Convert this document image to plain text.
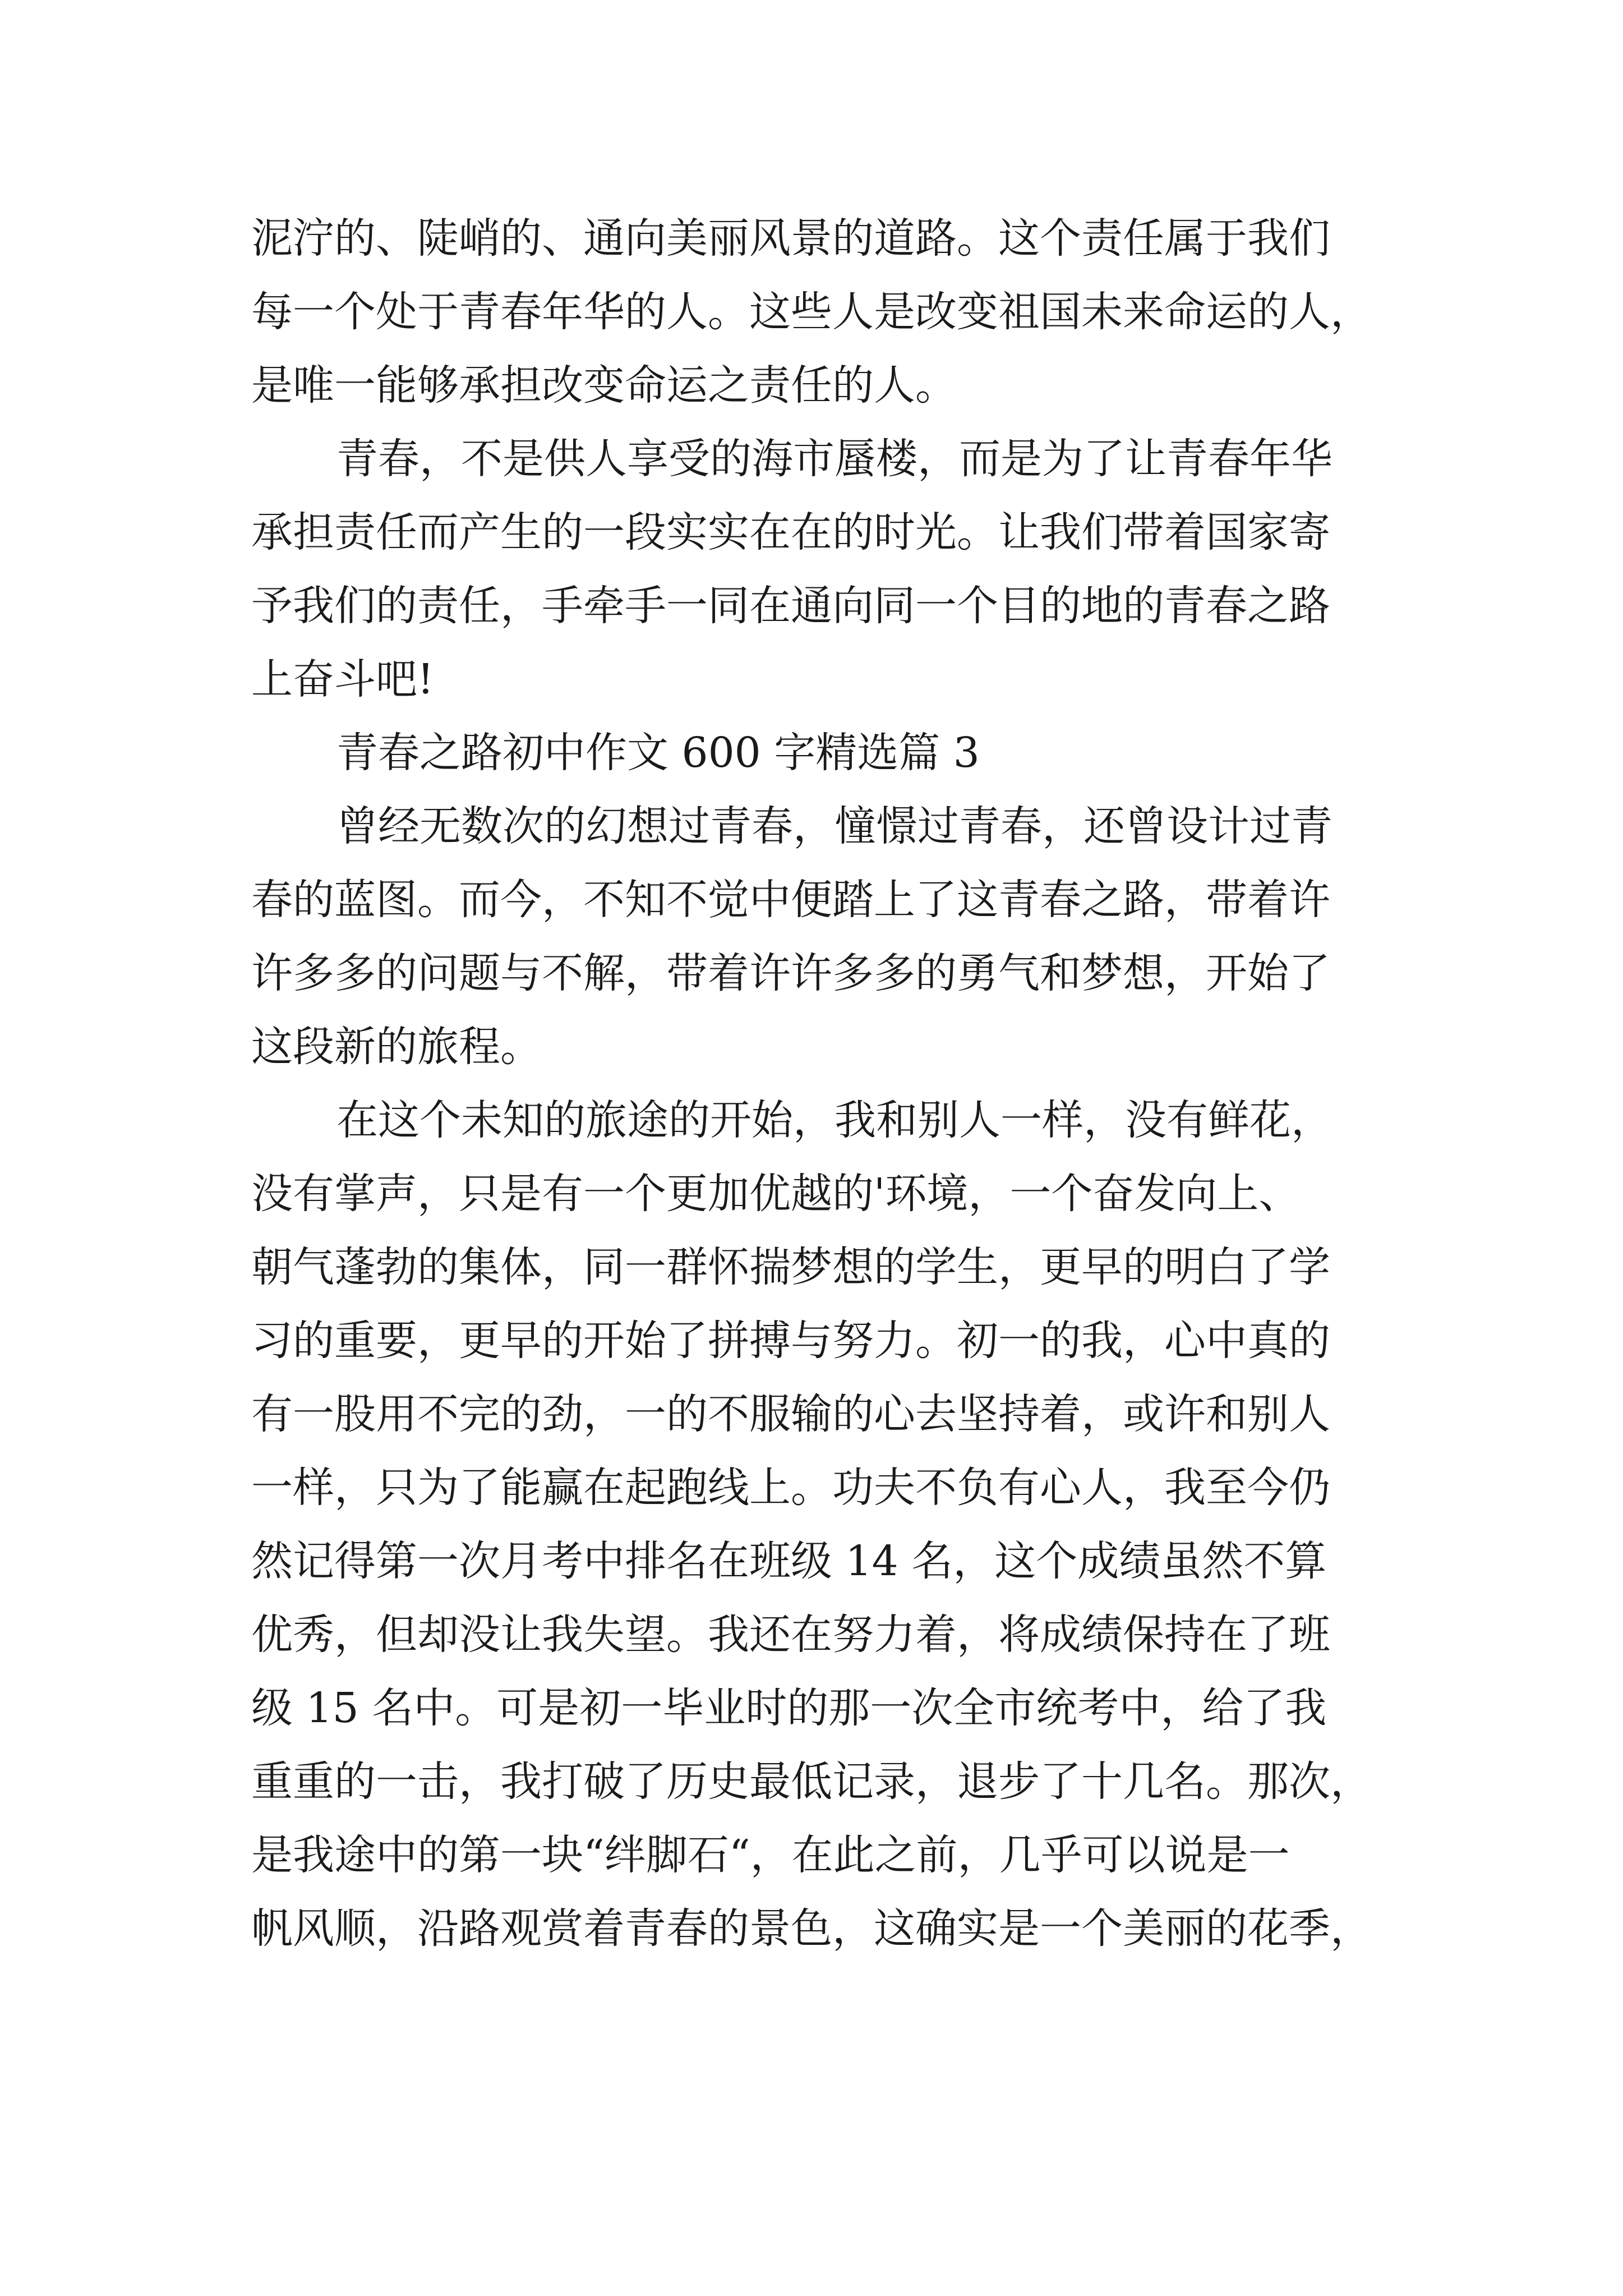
泥泞的、陡峭的、通向美丽风景的道路。这个责任属于我们
每一个处于青春年华的人。这些人是改变祖国未来命运的人，
是唯一能够承担改变命运之责任的人。
青春，不是供人享受的海市蜃楼，而是为了让青春年华
承担责任而产生的一段实实在在的时光。让我们带着国家寄
予我们的责任，手牵手一同在通向同一个目的地的青春之路
上奋斗吧!
青春之路初中作文 600 字精选篇 3
曾经无数次的幻想过青春，憧憬过青春，还曾设计过青
春的蓝图。而今，不知不觉中便踏上了这青春之路，带着许
许多多的问题与不解，带着许许多多的勇气和梦想，开始了
这段新的旅程。
在这个未知的旅途的开始，我和别人一样，没有鲜花，
没有掌声，只是有一个更加优越的'环境，一个奋发向上、
朝气蓬勃的集体，同一群怀揣梦想的学生，更早的明白了学
习的重要，更早的开始了拼搏与努力。初一的我，心中真的
有一股用不完的劲，一的不服输的心去坚持着，或许和别人
一样，只为了能赢在起跑线上。功夫不负有心人，我至今仍
然记得第一次月考中排名在班级 14 名，这个成绩虽然不算
优秀，但却没让我失望。我还在努力着，将成绩保持在了班
级 15 名中。可是初一毕业时的那一次全市统考中，给了我
重重的一击，我打破了历史最低记录，退步了十几名。那次，
是我途中的第一块“绊脚石“，在此之前，几乎可以说是一
帆风顺，沿路观赏着青春的景色，这确实是一个美丽的花季，
